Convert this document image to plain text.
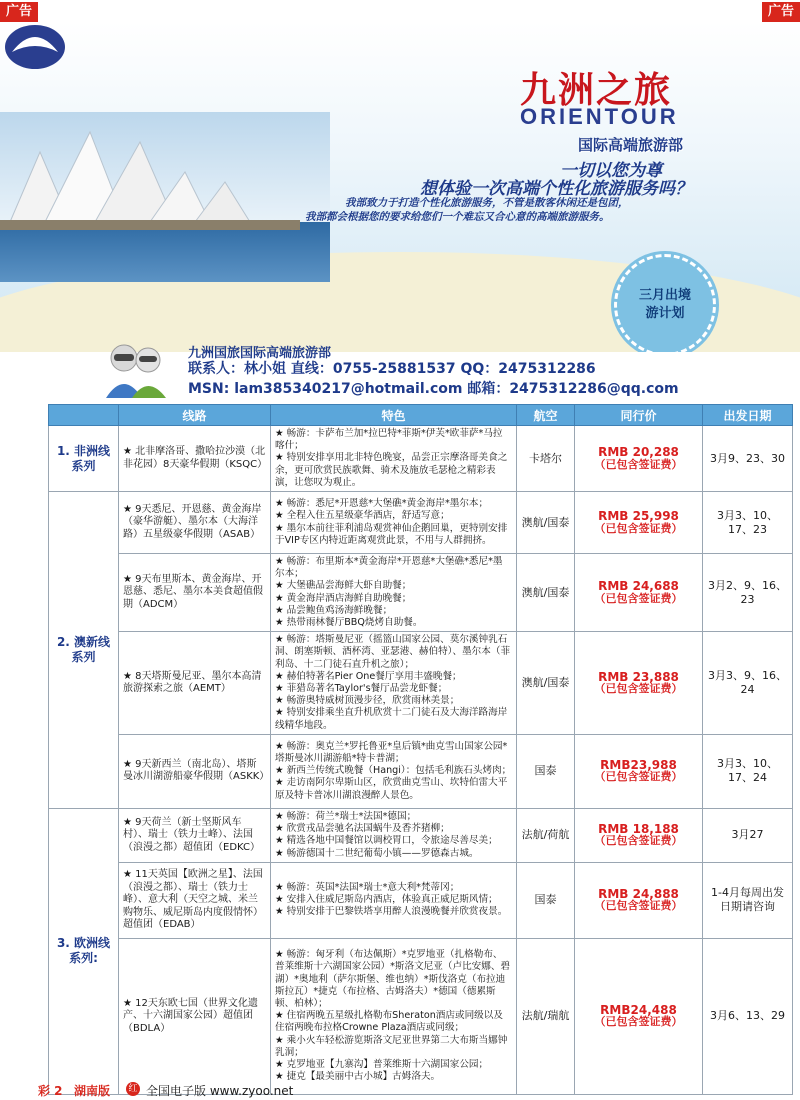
广告	广告
九洲之旅
ORIENTOUR
国际高端旅游部
一切以您为尊
想体验一次高端个性化旅游服务吗？
我部致力于打造个性化旅游服务，不管是散客休闲还是包团，
我部都会根据您的要求给您们一个难忘又合心意的高端旅游服务。
三月出境
游计划
九洲国旅国际高端旅游部
联系人：林小姐 直线：0755-25881537 QQ：2475312286
MSN: lam385340217@hotmail.com 邮箱：2475312286@qq.com
	线路	特色	航空	同行价	出发日期
1. 非洲线系列	★ 北非摩洛哥、撒哈拉沙漠（北非花园）8天豪华假期（KSQC）	★ 畅游：卡萨布兰加*拉巴特*菲斯*伊芙*欧菲萨*马拉喀什；
★ 特别安排享用北非特色晚宴，品尝正宗摩洛哥美食之余，更可欣赏民族歌舞、骑术及施放毛瑟枪之精彩表演，让您叹为观止。	卡塔尔	RMB 20,288
（已包含签证费）	3月9、23、30
2. 澳新线系列	★ 9天悉尼、开恩慈、黄金海岸（豪华游艇）、墨尔本（大海洋路）五星级豪华假期（ASAB）	★ 畅游：悉尼*开恩慈*大堡礁*黄金海岸*墨尔本；
★ 全程入住五星级豪华酒店，舒适写意；
★ 墨尔本前往菲利浦岛观赏神仙企鹅回巢，更特别安排于VIP专区内特近距离观赏此景，不用与人群拥挤。	澳航/国泰	RMB 25,998
（已包含签证费）	3月3、10、17、23
	★ 9天布里斯本、黄金海岸、开恩慈、悉尼、墨尔本美食超值假期（ADCM）	★ 畅游：布里斯本*黄金海岸*开恩慈*大堡礁*悉尼*墨尔本；
★ 大堡礁品尝海鲜大虾自助餐；
★ 黄金海岸酒店海鲜自助晚餐；
★ 品尝鲍鱼鸡汤海鲜晚餐；
★ 热带雨林餐厅BBQ烧烤自助餐。	澳航/国泰	RMB 24,688
（已包含签证费）	3月2、9、16、23
	★ 8天塔斯曼尼亚、墨尔本高清旅游探索之旅（AEMT）	★ 畅游：塔斯曼尼亚（摇篮山国家公园、莫尔溪钟乳石洞、朗塞斯顿、酒杯湾、亚瑟港、赫伯特）、墨尔本（菲利岛、十二门徒石直升机之旅）；
★ 赫伯特著名Pier One餐厅享用丰盛晚餐；
★ 菲猎岛著名Taylor's餐厅品尝龙虾餐；
★ 畅游奥特威树顶漫步径，欣赏雨林美景；
★ 特别安排乘坐直升机欣赏十二门徒石及大海洋路海岸线精华地段。	澳航/国泰	RMB 23,888
（已包含签证费）	3月3、9、16、24
	★ 9天新西兰（南北岛）、塔斯曼冰川湖游船豪华假期（ASKK）	★ 畅游：奥克兰*罗托鲁亚*皇后镇*曲克雪山国家公园*塔斯曼冰川湖游船*特卡普湖；
★ 新西兰传统式晚餐（Hangi）：包括毛利族石头烤肉；
★ 走访南阿尔卑斯山区，欣赏曲克雪山、坎特伯雷大平原及特卡普冰川湖浪漫醉人景色。	国泰	RMB23,988
（已包含签证费）	3月3、10、17、24
3. 欧洲线系列:	★ 9天荷兰（新士坚斯风车村）、瑞士（铁力士峰）、法国（浪漫之都）超值团（EDKC）	★ 畅游：荷兰*瑞士*法国*德国；
★ 欣赏戎品尝驰名法国蜗牛及香芥猪柳；
★ 精选各地中国餐馆以调校胃口，令旅途尽善尽美；
★ 畅游德国十二世纪葡萄小镇——罗德森古城。	法航/荷航	RMB 18,188
（已包含签证费）	3月27
	★ 11天英国【欧洲之星】、法国（浪漫之都）、瑞士（铁力士峰）、意大利（天空之城、米兰购物乐、威尼斯岛内度假情怀）超值团（EDAB）	★ 畅游：英国*法国*瑞士*意大利*梵蒂冈；
★ 安排入住威尼斯岛内酒店，体验真正威尼斯风情；
★ 特别安排于巴黎铁塔享用醉人浪漫晚餐并欣赏夜景。	国泰	RMB 24,888
（已包含签证费）	1-4月每周出发日期请咨询
	★ 12天东欧七国（世界文化遗产、十六湖国家公园）超值团（BDLA）	★ 畅游：匈牙利（布达佩斯）*克罗地亚（扎格勒布、普莱维斯十六湖国家公园）*斯洛文尼亚（卢比安娜、碧湖）*奥地利（萨尔斯堡、维也纳）*斯伐洛克（布拉迪斯拉瓦）*捷克（布拉格、古姆洛夫）*德国（德累斯顿、柏林）；
★ 住宿两晚五星级扎格勒布Sheraton酒店或同级以及住宿两晚布拉格Crowne Plaza酒店或同级；
★ 乘小火车轻松游览斯洛文尼亚世界第二大布斯当娜钟乳洞；
★ 克罗地亚【九寨沟】普莱维斯十六湖国家公园；
★ 捷克【最美丽中古小城】古姆洛夫。	法航/瑞航	RMB24,488
（已包含签证费）	3月6、13、29
彩 2 湖南版 红 全国电子版 www.zyoo.net
